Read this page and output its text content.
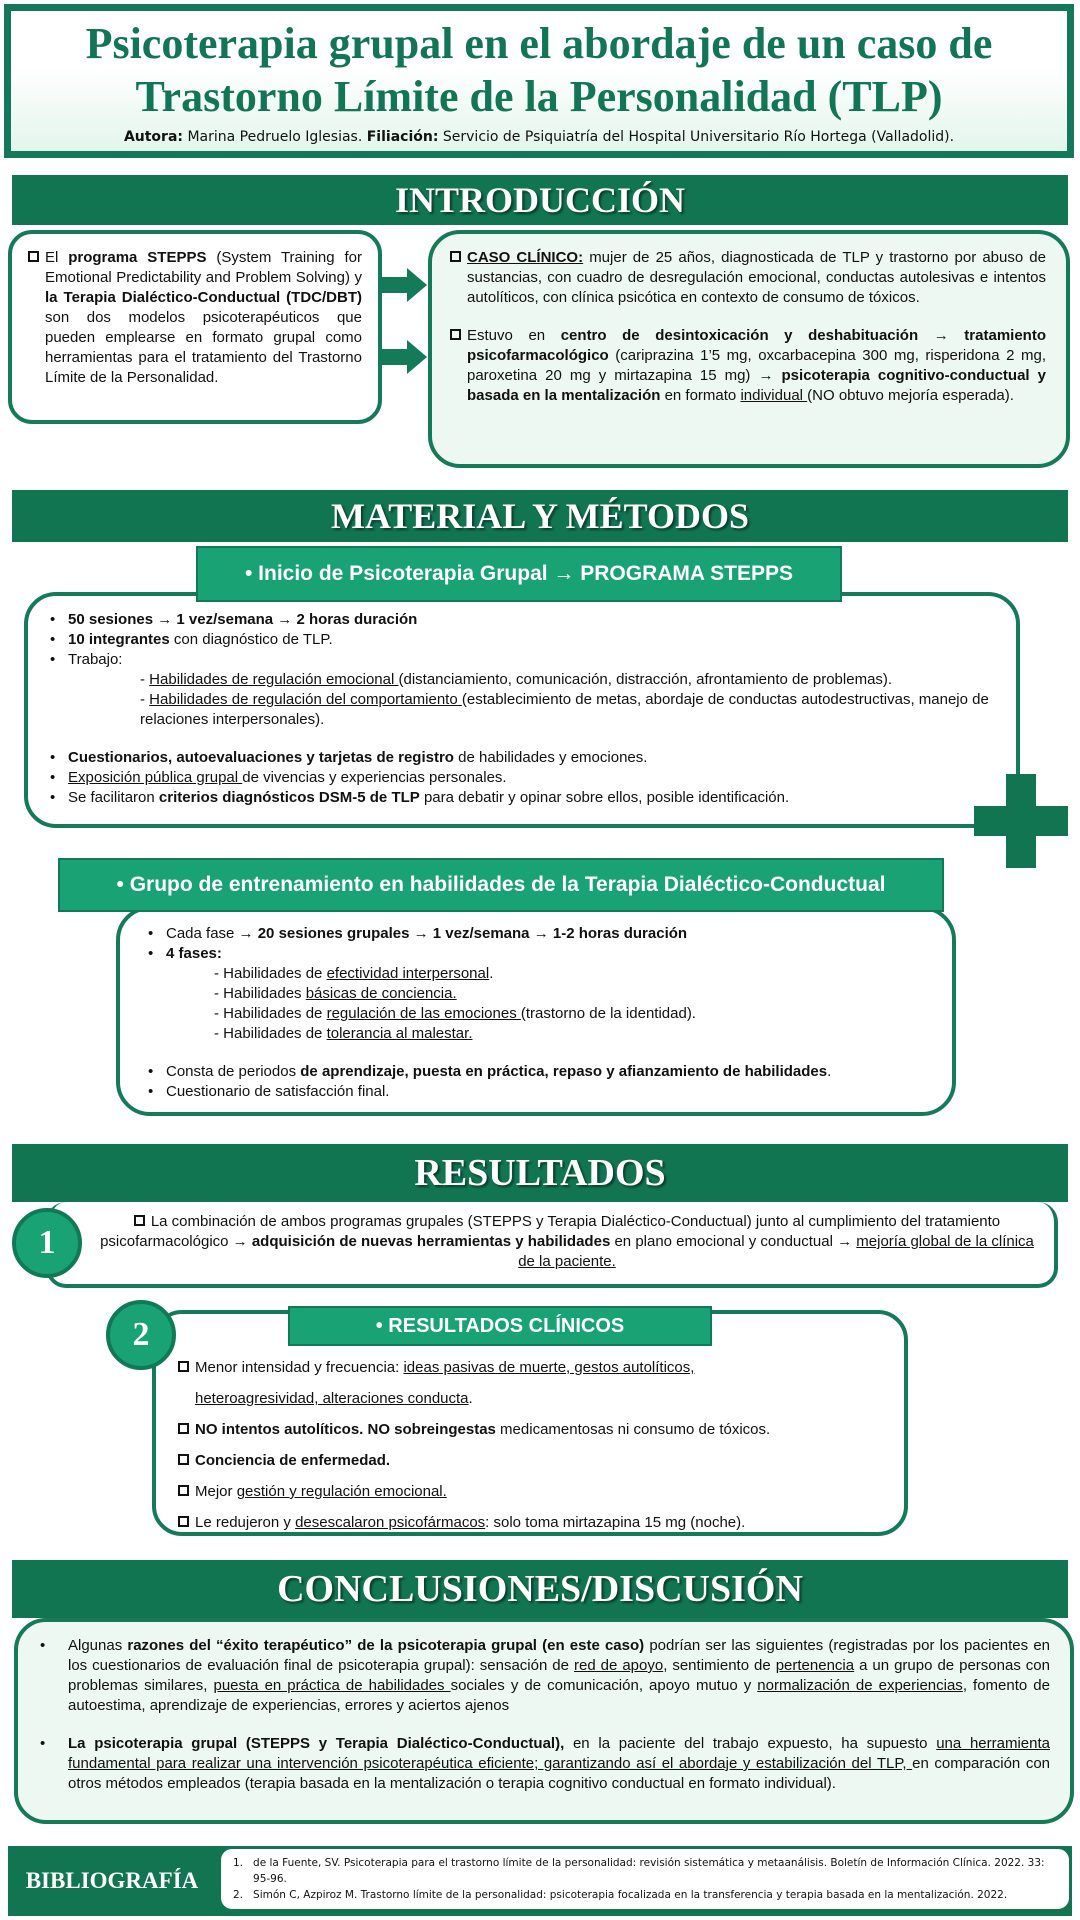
Psicoterapia grupal en el abordaje de un caso de
Trastorno Límite de la Personalidad (TLP)
Autora: Marina Pedruelo Iglesias. Filiación: Servicio de Psiquiatría del Hospital Universitario Río Hortega (Valladolid).
INTRODUCCIÓN
El programa STEPPS (System Training for Emotional Predictability and Problem Solving) y la Terapia Dialéctico-Conductual (TDC/DBT) son dos modelos psicoterapéuticos que pueden emplearse en formato grupal como herramientas para el tratamiento del Trastorno Límite de la Personalidad.
CASO CLÍNICO: mujer de 25 años, diagnosticada de TLP y trastorno por abuso de sustancias, con cuadro de desregulación emocional, conductas autolesivas e intentos autolíticos, con clínica psicótica en contexto de consumo de tóxicos.
Estuvo en centro de desintoxicación y deshabituación → tratamiento psicofarmacológico (cariprazina 1’5 mg, oxcarbacepina 300 mg, risperidona 2 mg, paroxetina 20 mg y mirtazapina 15 mg) → psicoterapia cognitivo-conductual y basada en la mentalización en formato individual (NO obtuvo mejoría esperada).
MATERIAL Y MÉTODOS
• 50 sesiones → 1 vez/semana → 2 horas duración
• 10 integrantes con diagnóstico de TLP.
• Trabajo:
- Habilidades de regulación emocional (distanciamiento, comunicación, distracción, afrontamiento de problemas).
- Habilidades de regulación del comportamiento (establecimiento de metas, abordaje de conductas autodestructivas, manejo de relaciones interpersonales).
• Cuestionarios, autoevaluaciones y tarjetas de registro de habilidades y emociones.
• Exposición pública grupal de vivencias y experiencias personales.
• Se facilitaron criterios diagnósticos DSM-5 de TLP para debatir y opinar sobre ellos, posible identificación.
• Inicio de Psicoterapia Grupal → PROGRAMA STEPPS
• Cada fase → 20 sesiones grupales → 1 vez/semana → 1-2 horas duración
• 4 fases:
- Habilidades de efectividad interpersonal.
- Habilidades básicas de conciencia.
- Habilidades de regulación de las emociones (trastorno de la identidad).
- Habilidades de tolerancia al malestar.
• Consta de periodos de aprendizaje, puesta en práctica, repaso y afianzamiento de habilidades.
• Cuestionario de satisfacción final.
• Grupo de entrenamiento en habilidades de la Terapia Dialéctico-Conductual
RESULTADOS
La combinación de ambos programas grupales (STEPPS y Terapia Dialéctico-Conductual) junto al cumplimiento del tratamiento psicofarmacológico → adquisición de nuevas herramientas y habilidades en plano emocional y conductual → mejoría global de la clínica de la paciente.
1
Menor intensidad y frecuencia: ideas pasivas de muerte, gestos autolíticos,
heteroagresividad, alteraciones conducta.
NO intentos autolíticos. NO sobreingestas medicamentosas ni consumo de tóxicos.
Conciencia de enfermedad.
Mejor gestión y regulación emocional.
Le redujeron y desescalaron psicofármacos: solo toma mirtazapina 15 mg (noche).
• RESULTADOS CLÍNICOS
2
CONCLUSIONES/DISCUSIÓN
• Algunas razones del “éxito terapéutico” de la psicoterapia grupal (en este caso) podrían ser las siguientes (registradas por los pacientes en los cuestionarios de evaluación final de psicoterapia grupal): sensación de red de apoyo, sentimiento de pertenencia a un grupo de personas con problemas similares, puesta en práctica de habilidades sociales y de comunicación, apoyo mutuo y normalización de experiencias, fomento de autoestima, aprendizaje de experiencias, errores y aciertos ajenos
• La psicoterapia grupal (STEPPS y Terapia Dialéctico-Conductual), en la paciente del trabajo expuesto, ha supuesto una herramienta fundamental para realizar una intervención psicoterapéutica eficiente; garantizando así el abordaje y estabilización del TLP, en comparación con otros métodos empleados (terapia basada en la mentalización o terapia cognitivo conductual en formato individual).
BIBLIOGRAFÍA
1. de la Fuente, SV. Psicoterapia para el trastorno límite de la personalidad: revisión sistemática y metaanálisis. Boletín de Información Clínica. 2022. 33: 95-96.
2. Simón C, Azpiroz M. Trastorno límite de la personalidad: psicoterapia focalizada en la transferencia y terapia basada en la mentalización. 2022.
